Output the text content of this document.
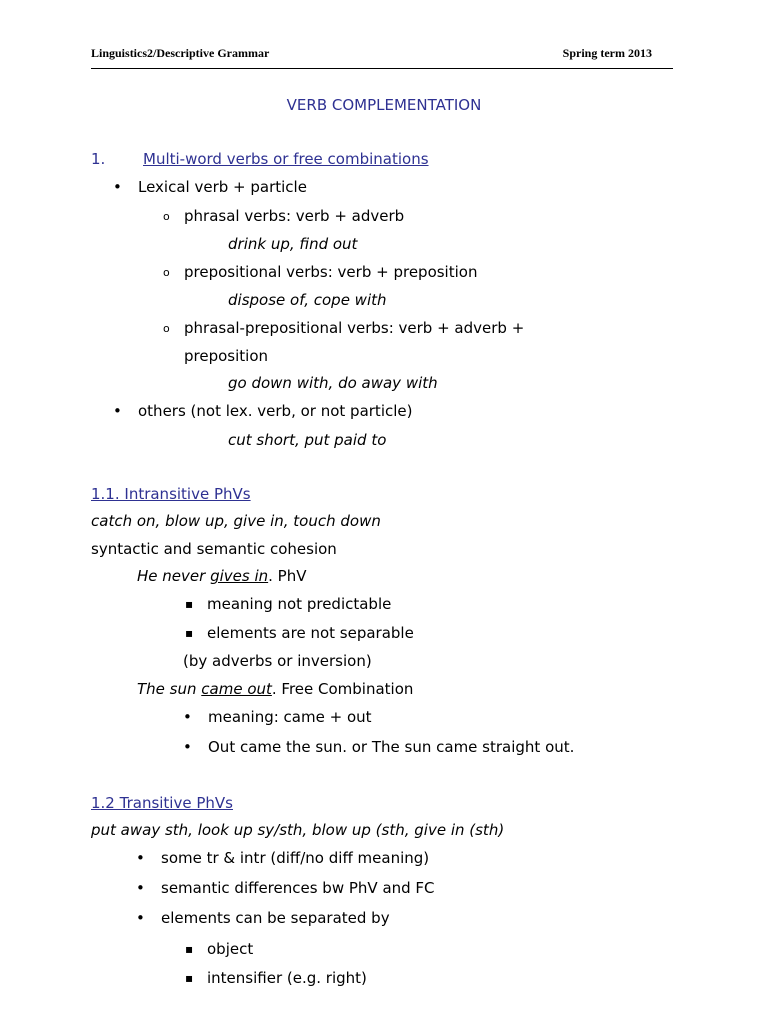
Linguistics2/Descriptive Grammar	Spring term 2013
VERB COMPLEMENTATION
1.	Multi-word verbs or free combinations
• Lexical verb + particle
o phrasal verbs: verb + adverb
drink up, find out
o prepositional verbs: verb + preposition
dispose of, cope with
o phrasal-prepositional verbs: verb + adverb +
preposition
go down with, do away with
• others (not lex. verb, or not particle)
cut short, put paid to
1.1. Intransitive PhVs
catch on, blow up, give in, touch down
syntactic and semantic cohesion
He never gives in. PhV
▪ meaning not predictable
▪ elements are not separable
(by adverbs or inversion)
The sun came out. Free Combination
• meaning: came + out
• Out came the sun. or The sun came straight out.
1.2 Transitive PhVs
put away sth, look up sy/sth, blow up (sth, give in (sth)
• some tr & intr (diff/no diff meaning)
• semantic differences bw PhV and FC
• elements can be separated by
▪ object
▪ intensifier (e.g. right)
